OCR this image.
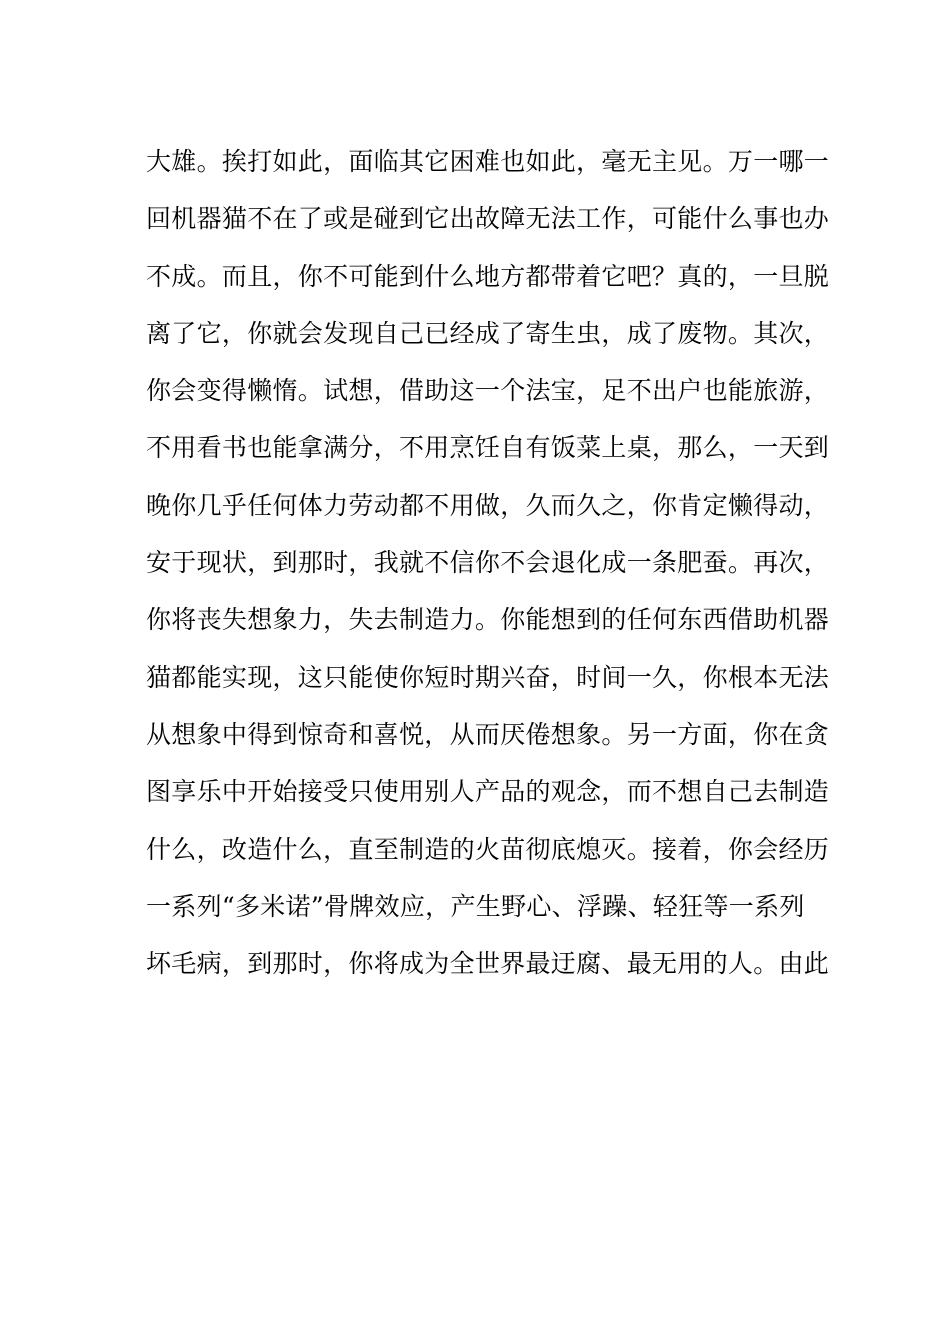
大雄。挨打如此，面临其它困难也如此，毫无主见。万一哪一
回机器猫不在了或是碰到它出故障无法工作，可能什么事也办
不成。而且，你不可能到什么地方都带着它吧？真的，一旦脱
离了它，你就会发现自己已经成了寄生虫，成了废物。其次，
你会变得懒惰。试想，借助这一个法宝，足不出户也能旅游，
不用看书也能拿满分，不用烹饪自有饭菜上桌，那么，一天到
晚你几乎任何体力劳动都不用做，久而久之，你肯定懒得动，
安于现状，到那时，我就不信你不会退化成一条肥蚕。再次，
你将丧失想象力，失去制造力。你能想到的任何东西借助机器
猫都能实现，这只能使你短时期兴奋，时间一久，你根本无法
从想象中得到惊奇和喜悦，从而厌倦想象。另一方面，你在贪
图享乐中开始接受只使用别人产品的观念，而不想自己去制造
什么，改造什么，直至制造的火苗彻底熄灭。接着，你会经历
一系列“多米诺”骨牌效应，产生野心、浮躁、轻狂等一系列
坏毛病，到那时，你将成为全世界最迂腐、最无用的人。由此
